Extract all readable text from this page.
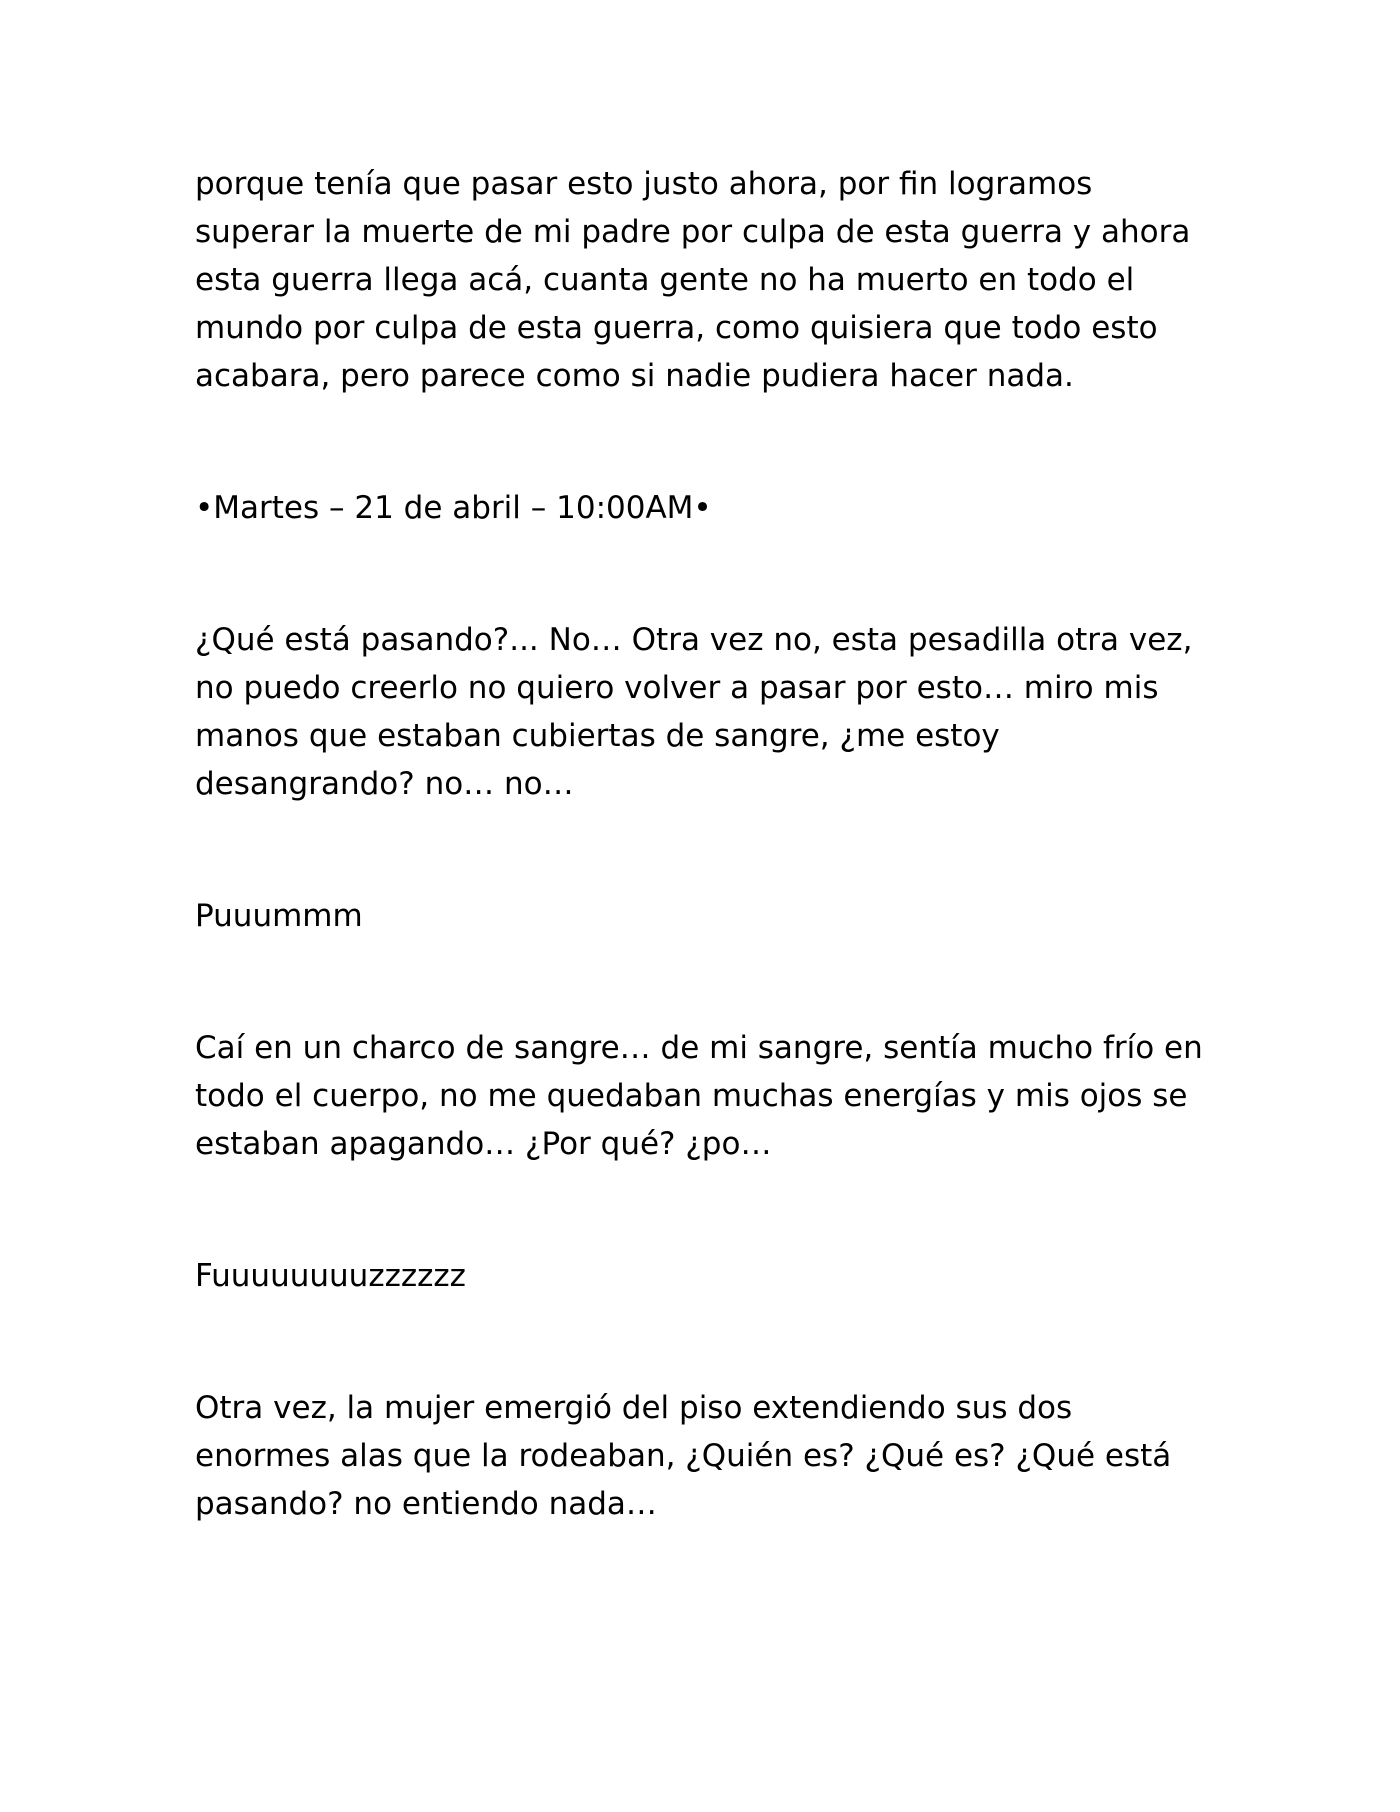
porque tenía que pasar esto justo ahora, por fin logramos superar la muerte de mi padre por culpa de esta guerra y ahora esta guerra llega acá, cuanta gente no ha muerto en todo el mundo por culpa de esta guerra, como quisiera que todo esto acabara, pero parece como si nadie pudiera hacer nada.

•Martes – 21 de abril – 10:00AM•

¿Qué está pasando?... No… Otra vez no, esta pesadilla otra vez, no puedo creerlo no quiero volver a pasar por esto… miro mis manos que estaban cubiertas de sangre, ¿me estoy desangrando? no… no…

Puuummm

Caí en un charco de sangre… de mi sangre, sentía mucho frío en todo el cuerpo, no me quedaban muchas energías y mis ojos se estaban apagando… ¿Por qué? ¿po…

Fuuuuuuuuzzzzzz

Otra vez, la mujer emergió del piso extendiendo sus dos enormes alas que la rodeaban, ¿Quién es? ¿Qué es? ¿Qué está pasando? no entiendo nada…
